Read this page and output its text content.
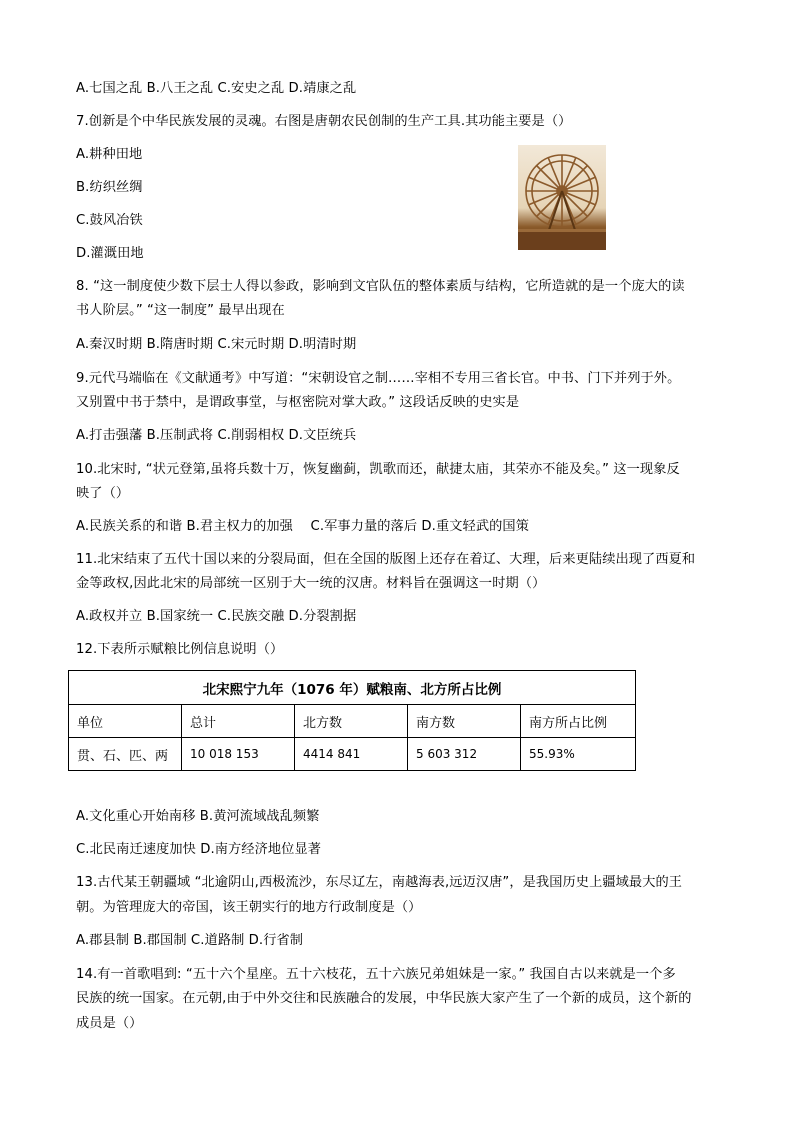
A.七国之乱 B.八王之乱 C.安史之乱 D.靖康之乱
7.创新是个中华民族发展的灵魂。右图是唐朝农民创制的生产工具.其功能主要是（）
A.耕种田地
B.纺织丝绸
C.鼓风冶铁
D.灌溉田地
8. “这一制度使少数下层士人得以参政，影响到文官队伍的整体素质与结构，它所造就的是一个庞大的读
书人阶层。” “这一制度” 最早出现在
A.秦汉时期 B.隋唐时期 C.宋元时期 D.明清时期
9.元代马端临在《文献通考》中写道：“宋朝设官之制……宰相不专用三省长官。中书、门下并列于外。
又别置中书于禁中，是谓政事堂，与枢密院对掌大政。” 这段话反映的史实是
A.打击强藩 B.压制武将 C.削弱相权 D.文臣统兵
10.北宋时, “状元登第,虽将兵数十万，恢复幽蓟，凯歌而还，献捷太庙，其荣亦不能及矣。” 这一现象反
映了（）
A.民族关系的和谐 B.君主权力的加强　 C.军事力量的落后 D.重文轻武的国策
11.北宋结束了五代十国以来的分裂局面，但在全国的版图上还存在着辽、大理，后来更陆续出现了西夏和
金等政权,因此北宋的局部统一区别于大一统的汉唐。材料旨在强调这一时期（）
A.政权并立 B.国家统一 C.民族交融 D.分裂割据
12.下表所示赋粮比例信息说明（）
北宋熙宁九年（1076 年）赋粮南、北方所占比例				
单位	总计	北方数	南方数	南方所占比例
贯、石、匹、两	10 018 153	4414 841	5 603 312	55.93%
A.文化重心开始南移 B.黄河流域战乱频繁
C.北民南迁速度加快 D.南方经济地位显著
13.古代某王朝疆域 “北逾阴山,西极流沙，东尽辽左，南越海表,远迈汉唐”，是我国历史上疆域最大的王
朝。为管理庞大的帝国，该王朝实行的地方行政制度是（）
A.郡县制 B.郡国制 C.道路制 D.行省制
14.有一首歌唱到: “五十六个星座。五十六枝花，五十六族兄弟姐妹是一家。” 我国自古以来就是一个多
民族的统一国家。在元朝,由于中外交往和民族融合的发展，中华民族大家产生了一个新的成员，这个新的
成员是（）
